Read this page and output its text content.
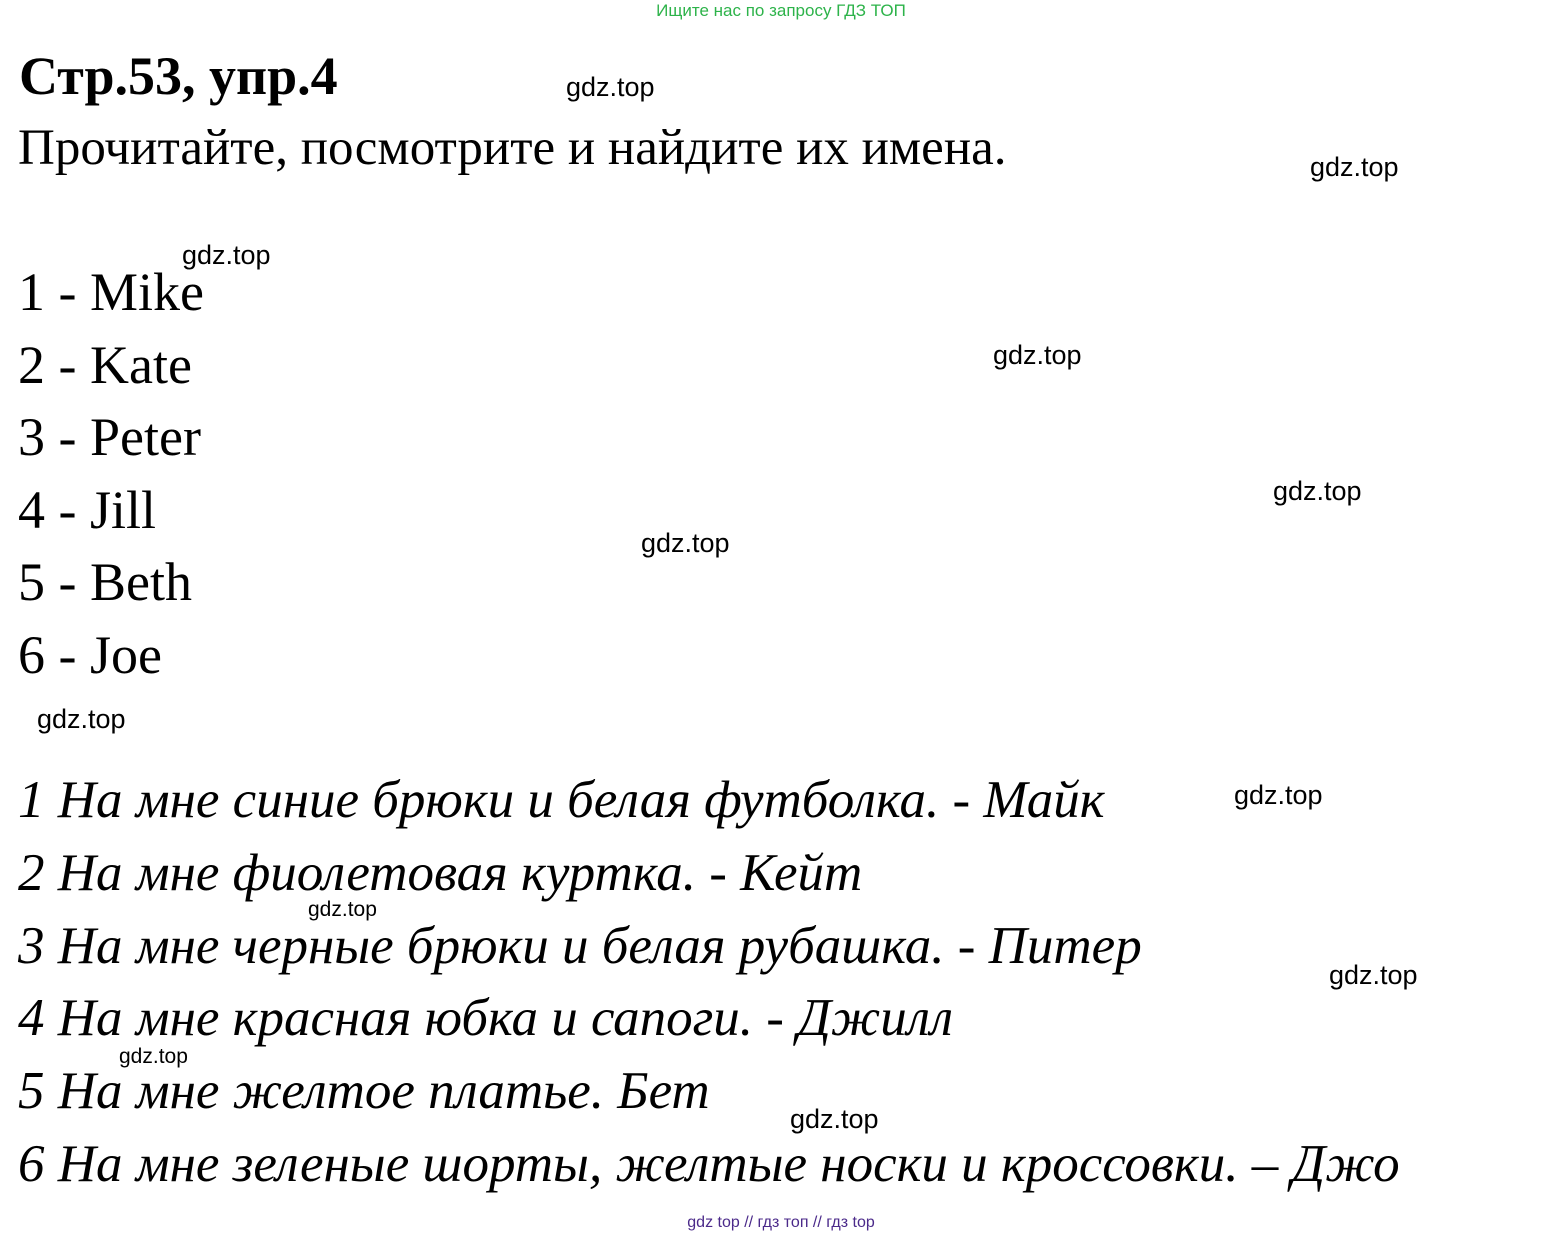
Ищите нас по запросу ГДЗ ТОП
Стр.53, упр.4
Прочитайте, посмотрите и найдите их имена.
1 - Mike
2 - Kate
3 - Peter
4 - Jill
5 - Beth
6 - Joe
1 На мне синие брюки и белая футболка. - Майк
2 На мне фиолетовая куртка. - Кейт
3 На мне черные брюки и белая рубашка. - Питер
4 На мне красная юбка и сапоги. - Джилл
5 На мне желтое платье. Бет
6 На мне зеленые шорты, желтые носки и кроссовки. – Джо
gdz.top
gdz.top
gdz.top
gdz.top
gdz.top
gdz.top
gdz.top
gdz.top
gdz.top
gdz.top
gdz.top
gdz.top
gdz top // гдз топ // гдз top
